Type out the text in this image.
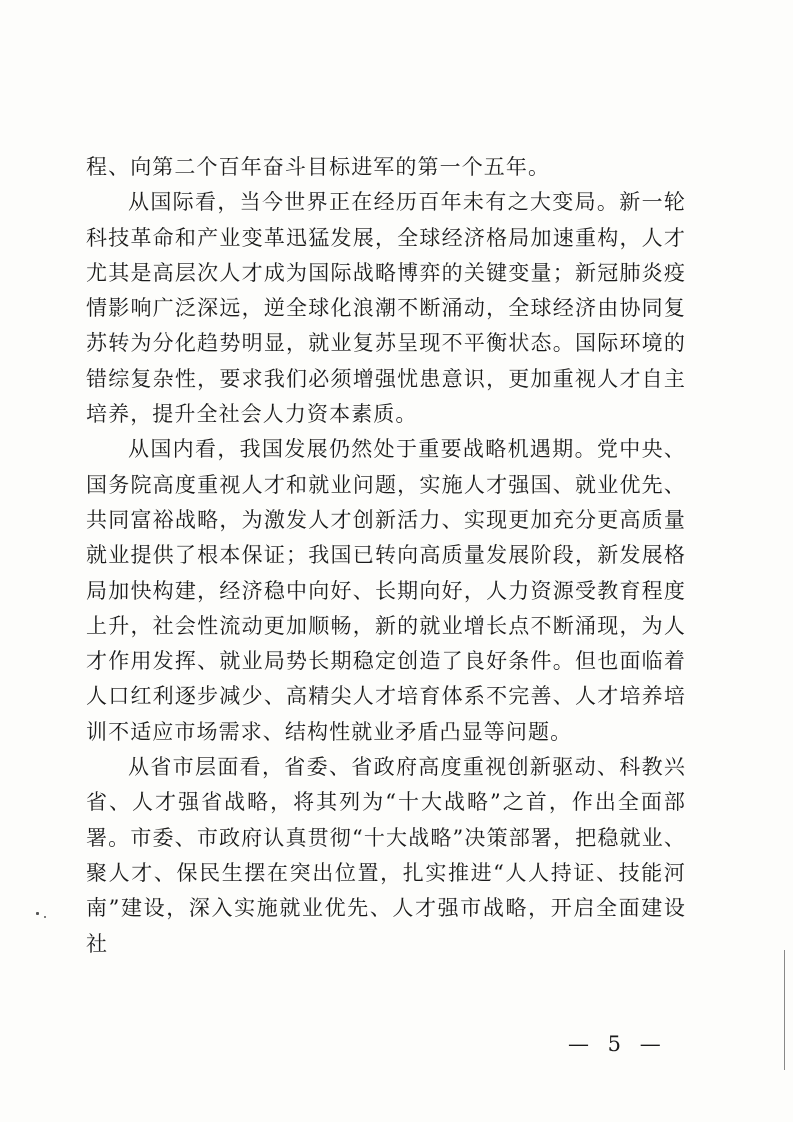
程、向第二个百年奋斗目标进军的第一个五年。

从国际看，当今世界正在经历百年未有之大变局。新一轮科技革命和产业变革迅猛发展，全球经济格局加速重构，人才尤其是高层次人才成为国际战略博弈的关键变量；新冠肺炎疫情影响广泛深远，逆全球化浪潮不断涌动，全球经济由协同复苏转为分化趋势明显，就业复苏呈现不平衡状态。国际环境的错综复杂性，要求我们必须增强忧患意识，更加重视人才自主培养，提升全社会人力资本素质。

从国内看，我国发展仍然处于重要战略机遇期。党中央、国务院高度重视人才和就业问题，实施人才强国、就业优先、共同富裕战略，为激发人才创新活力、实现更加充分更高质量就业提供了根本保证；我国已转向高质量发展阶段，新发展格局加快构建，经济稳中向好、长期向好，人力资源受教育程度上升，社会性流动更加顺畅，新的就业增长点不断涌现，为人才作用发挥、就业局势长期稳定创造了良好条件。但也面临着人口红利逐步减少、高精尖人才培育体系不完善、人才培养培训不适应市场需求、结构性就业矛盾凸显等问题。

从省市层面看，省委、省政府高度重视创新驱动、科教兴省、人才强省战略，将其列为“十大战略”之首，作出全面部署。市委、市政府认真贯彻“十大战略”决策部署，把稳就业、聚人才、保民生摆在突出位置，扎实推进“人人持证、技能河南”建设，深入实施就业优先、人才强市战略，开启全面建设社

— 5 —
